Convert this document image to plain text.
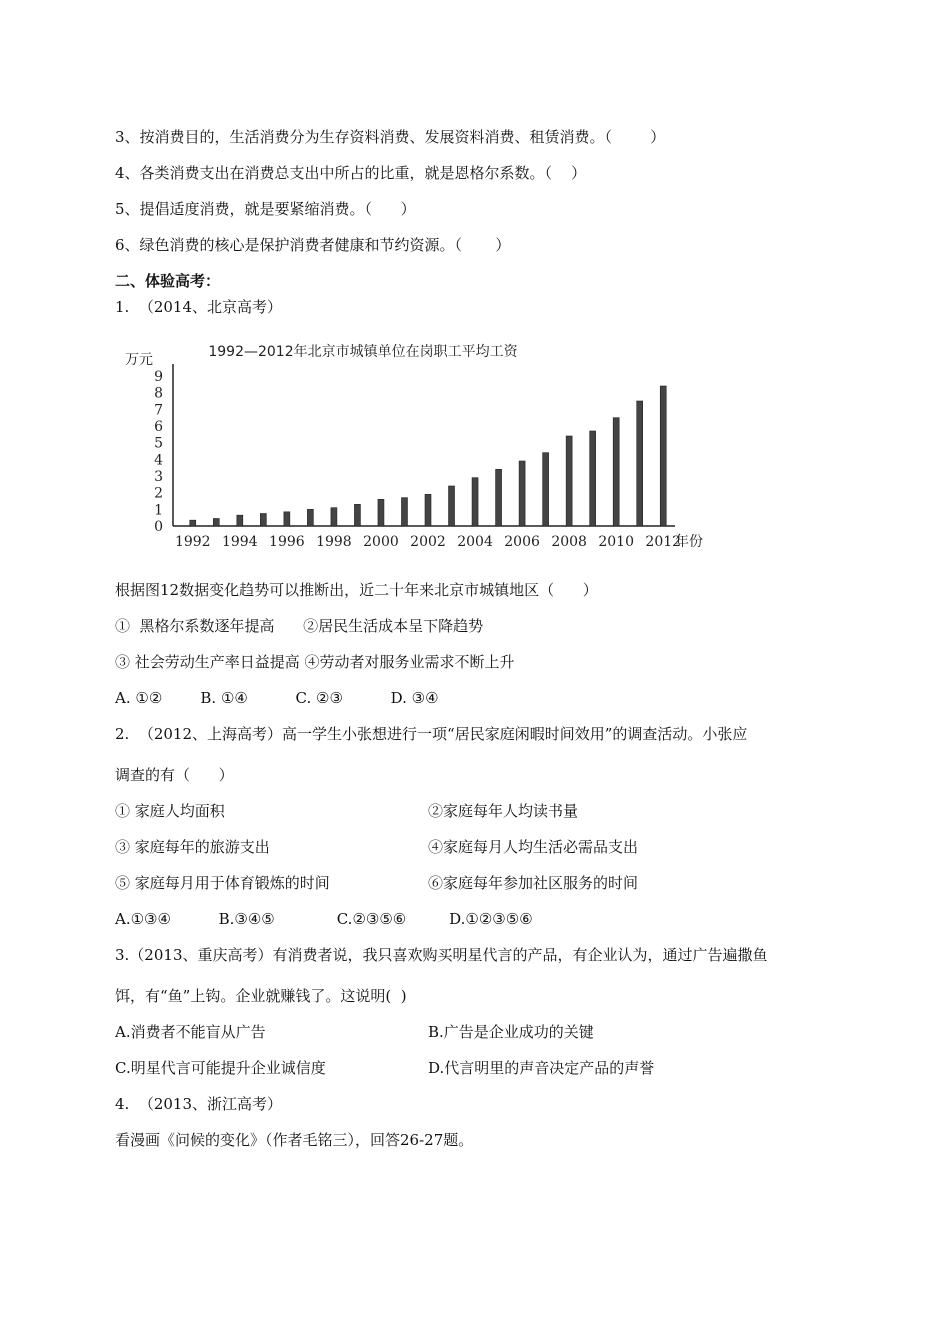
3、按消费目的，生活消费分为生存资料消费、发展资料消费、租赁消费。（        ）
4、各类消费支出在消费总支出中所占的比重，就是恩格尔系数。（    ）
5、提倡适度消费，就是要紧缩消费。（      ）
6、绿色消费的核心是保护消费者健康和节约资源。（       ）
二、体验高考：
1.  （2014、北京高考）
1992—2012年北京市城镇单位在岗职工平均工资
万元
年份
0
1
2
3
4
5
6
7
8
9
1992 1994 1996 1998 2000 2002 2004 2006 2008 2010 2012
根据图12数据变化趋势可以推断出，近二十年来北京市城镇地区（      ）
①  黑格尔系数逐年提高      ②居民生活成本呈下降趋势
③ 社会劳动生产率日益提高 ④劳动者对服务业需求不断上升
A. ①②        B. ①④          C. ②③          D. ③④
2.  （2012、上海高考）高一学生小张想进行一项“居民家庭闲暇时间效用”的调查活动。小张应
调查的有（      ）
① 家庭人均面积	②家庭每年人均读书量
③ 家庭每年的旅游支出	④家庭每月人均生活必需品支出
⑤ 家庭每月用于体育锻炼的时间	⑥家庭每年参加社区服务的时间
A.①③④          B.③④⑤             C.②③⑤⑥         D.①②③⑤⑥
3.（2013、重庆高考）有消费者说，我只喜欢购买明星代言的产品，有企业认为，通过广告遍撒鱼
饵，有“鱼”上钩。企业就赚钱了。这说明(  )
A.消费者不能盲从广告	B.广告是企业成功的关键
C.明星代言可能提升企业诚信度	D.代言明里的声音决定产品的声誉
4.  （2013、浙江高考）
看漫画《问候的变化》（作者毛铭三），回答26-27题。
